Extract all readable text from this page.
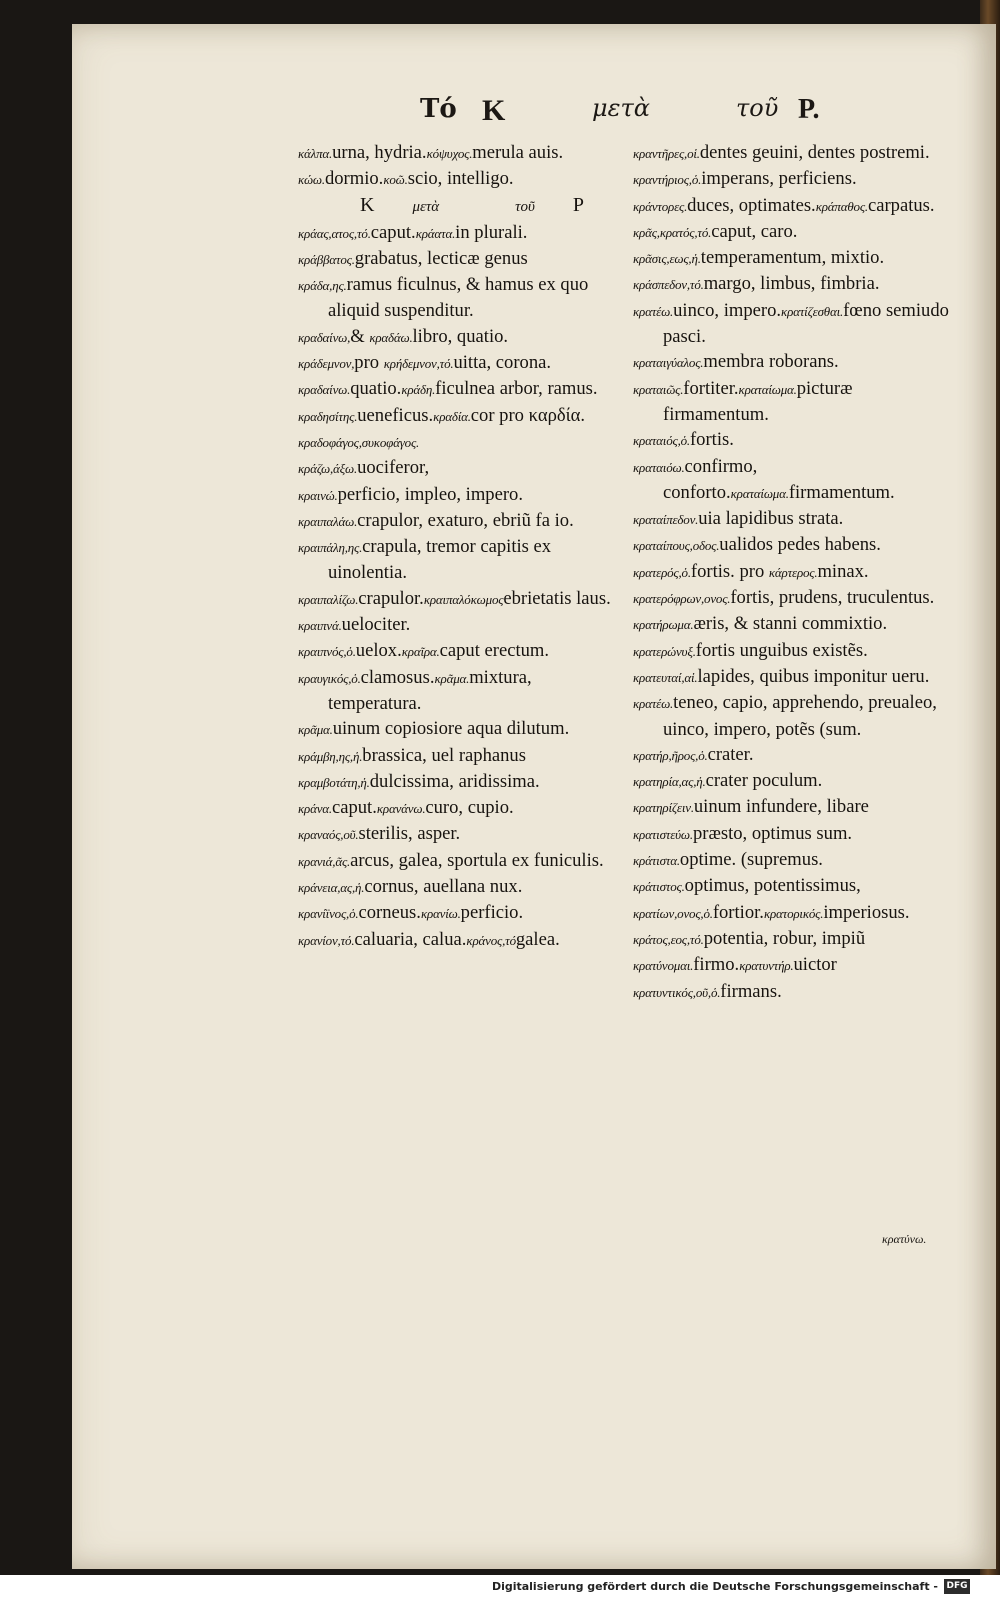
Τό Κ	μετὰ	τοῦ Ρ.
κάλπα.urna, hydria.κόψυχος.merula auis.
κώω.dormio.κοῶ.scio, intelligo.
Κ	μετὰ	τοῦ Ρ
κράας,ατος,τό.caput.κράατα.in plurali.
κράββατος.grabatus, lecticæ genus
κράδα,ης.ramus ficulnus, & hamus ex quo aliquid suspenditur.
κραδαίνω,& κραδάω.libro, quatio.
κράδεμνον,pro κρήδεμνον,τό.uitta, corona.
κραδαίνω.quatio.κράδη.ficulnea arbor, ramus.
κραδησίτης.ueneficus.κραδία.cor pro καρδία.
κραδοφάγος,συκοφάγος.
κράζω,άξω.uociferor,
κραινώ.perficio, impleo, impero.
κραιπαλάω.crapulor, exaturo, ebriũ fa io.
κραιπάλη,ης.crapula, tremor capitis ex uinolentia.
κραιπαλίζω.crapulor.κραιπαλόκωμοςebrietatis laus.
κραιπνά.uelociter.
κραιπνός,ὁ.uelox.κραῖρα.caput erectum.
κραυγικός,ὁ.clamosus.κρᾶμα.mixtura, temperatura.
κρᾶμα.uinum copiosiore aqua dilutum.
κράμβη,ης,ἡ.brassica, uel raphanus
κραμβοτάτη,ἡ.dulcissima, aridissima.
κράνα.caput.κρανάνω.curo, cupio.
κραναός,οῦ.sterilis, asper.
κρανιά,ᾶς.arcus, galea, sportula ex funiculis.
κράνεια,ας,ἡ.cornus, auellana nux.
κρανίϊνος,ὁ.corneus.κρανίω.perficio.
κρανίον,τό.caluaria, calua.κράνος,τόgalea.
κραντῆρες,οἱ.dentes geuini, dentes postremi.
κραντήριος,ὁ.imperans, perficiens.
κράντορες.duces, optimates.κράπαθος.carpatus.
κρᾶς,κρατός,τό.caput, caro.
κρᾶσις,εως,ἡ.temperamentum, mixtio.
κράσπεδον,τό.margo, limbus, fimbria.
κρατέω.uinco, impero.κρατίζεσθαι.fœno semiudo pasci.
κραταιγύαλος.membra roborans.
κραταιῶς.fortiter.κραταίωμα.picturæ firmamentum.
κραταιός,ὁ.fortis.
κραταιόω.confirmo, conforto.κραταίωμα.firmamentum.
κραταίπεδον.uia lapidibus strata.
κραταίπους,οδος.ualidos pedes habens.
κρατερός,ὁ.fortis. pro κάρτερος.minax.
κρατερόφρων,ονος.fortis, prudens, truculentus.
κρατήρωμα.æris, & stanni commixtio.
κρατερώνυξ.fortis unguibus existẽs.
κρατευταί,αἱ.lapides, quibus imponitur ueru.
κρατέω.teneo, capio, apprehendo, preualeo, uinco, impero, potẽs (sum.
κρατήρ,ῆρος,ὁ.crater.
κρατηρία,ας,ἡ.crater poculum.
κρατηρίζειν.uinum infundere, libare
κρατιστεύω.præsto, optimus sum.
κράτιστα.optime. (supremus.
κράτιστος.optimus, potentissimus,
κρατίων,ονος,ὁ.fortior.κρατορικός.imperiosus.
κράτος,εος,τό.potentia, robur, impiũ
κρατύνομαι.firmo.κρατυντήρ.uictor
κρατυντικός,οῦ,ὁ.firmans.
κρατύνω.
Digitalisierung gefördert durch die Deutsche Forschungsgemeinschaft - DFG
